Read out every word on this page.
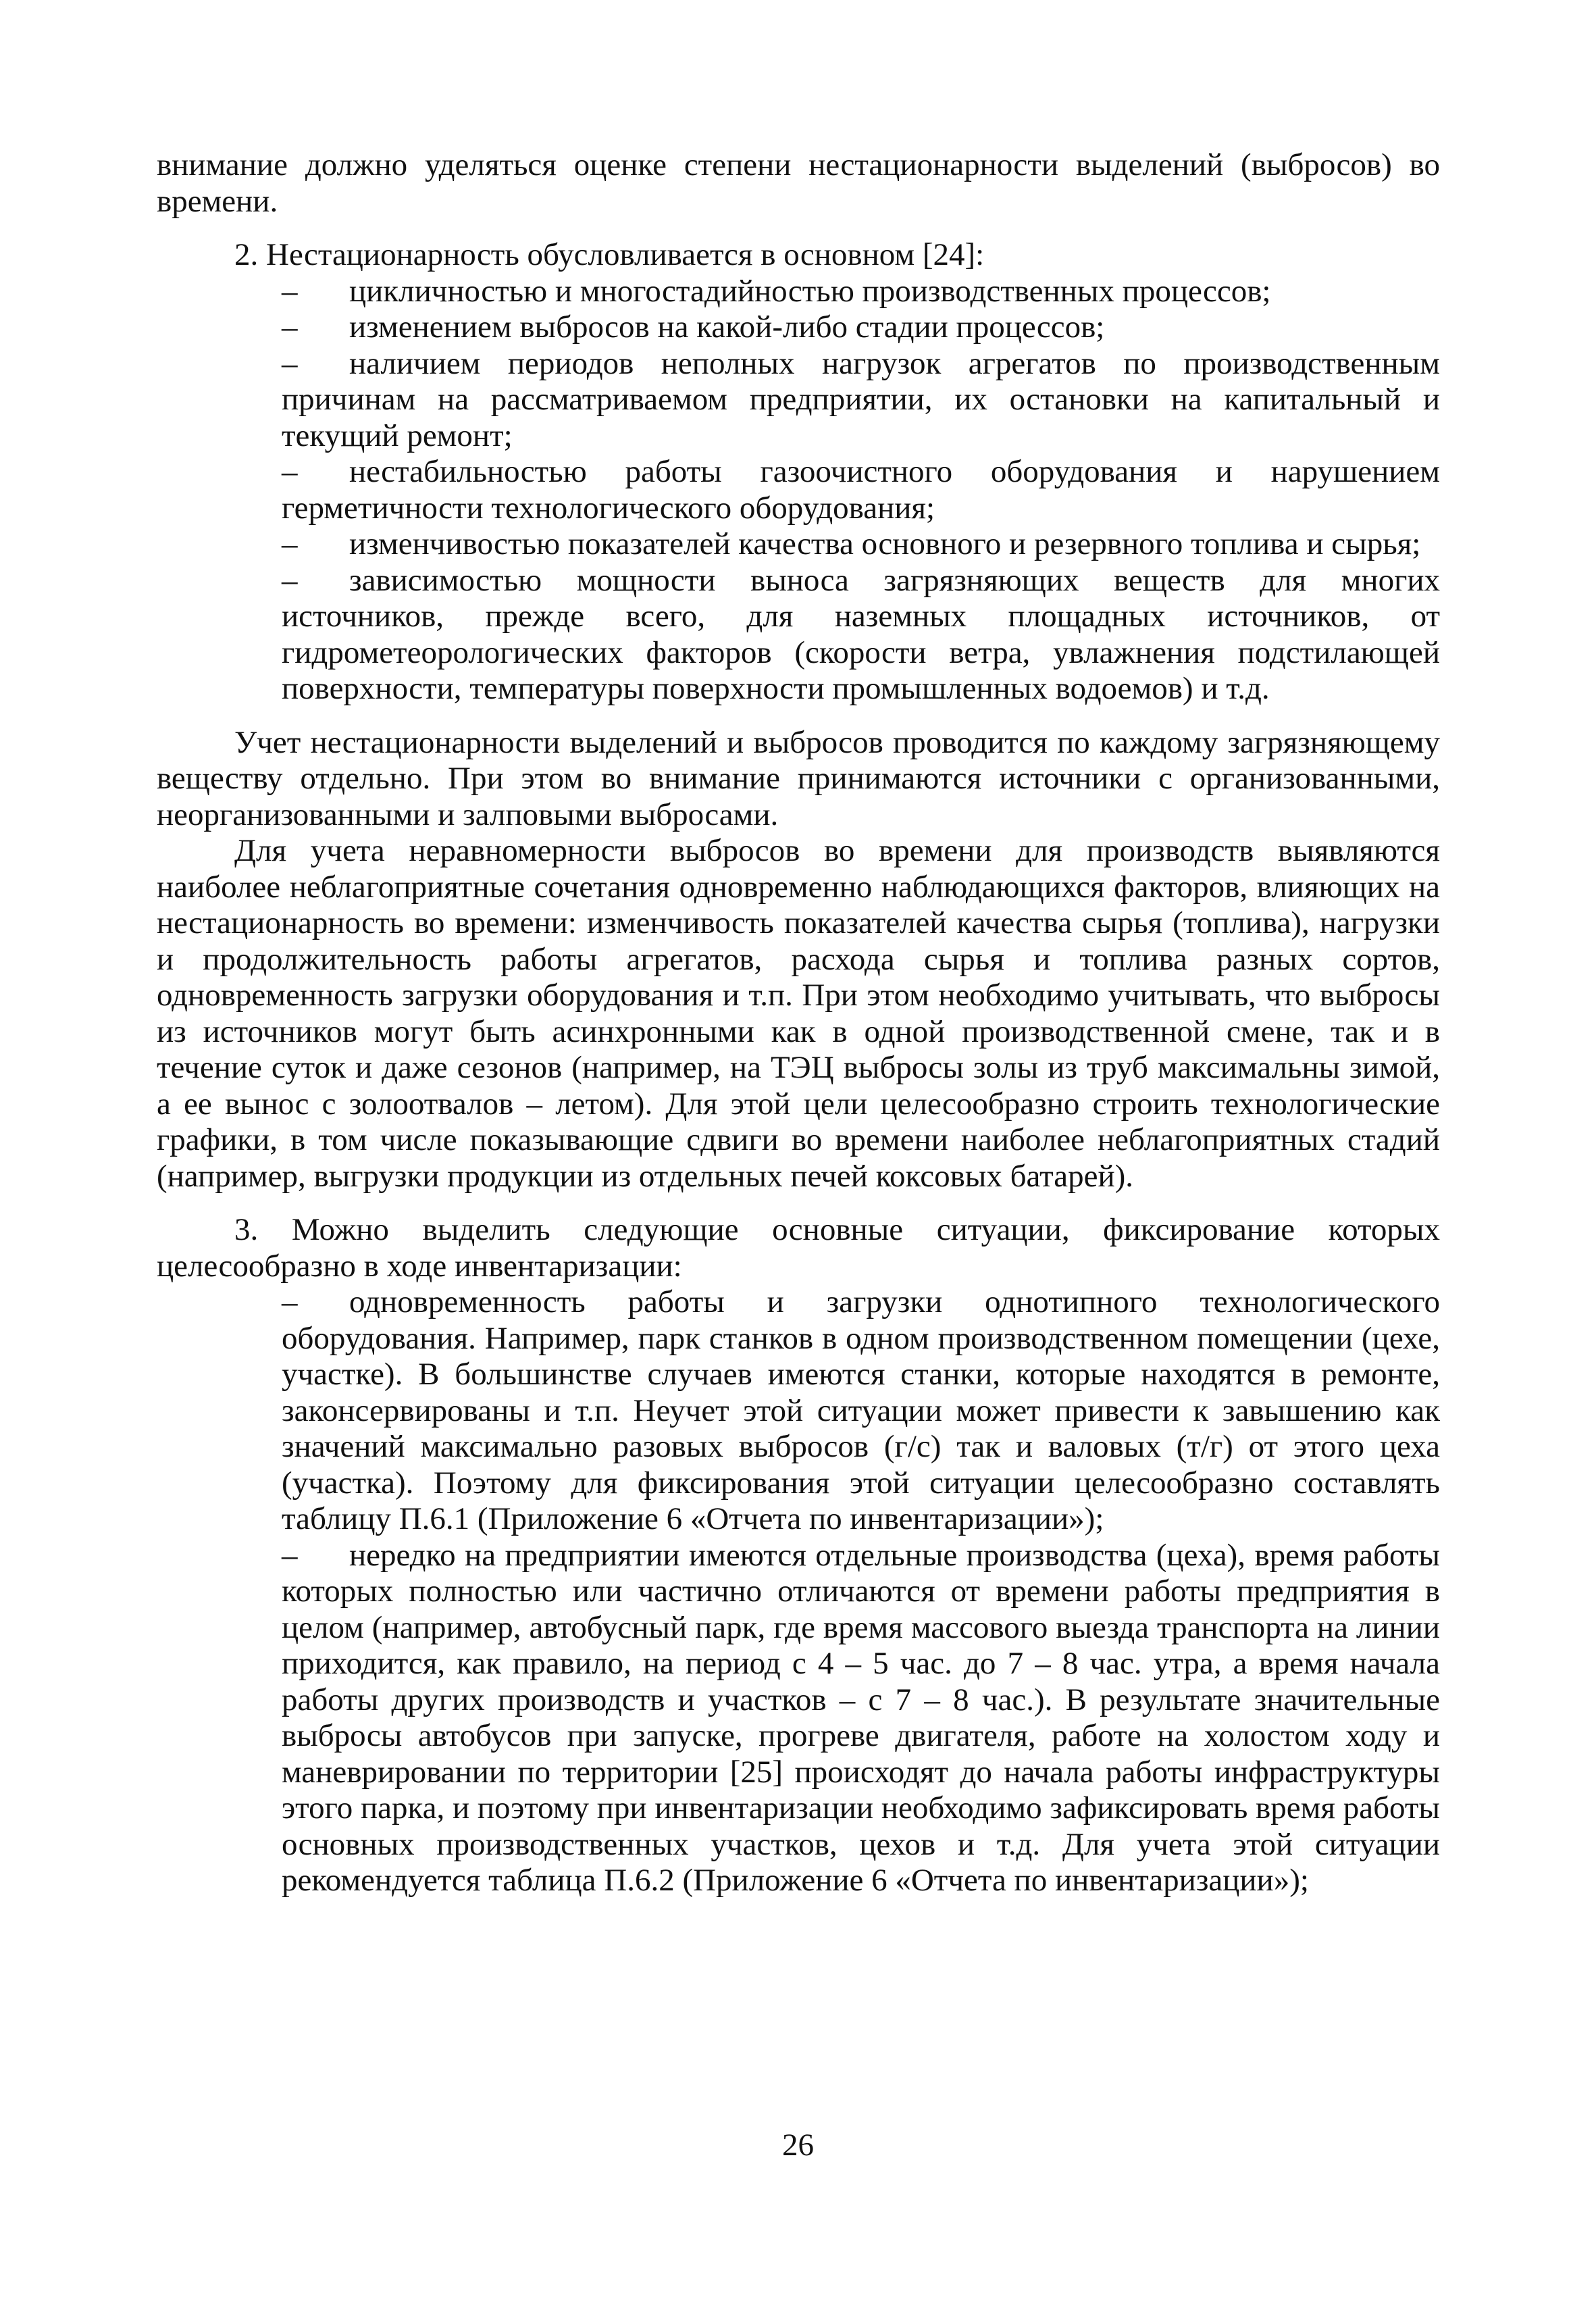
внимание должно уделяться оценке степени нестационарности выделений (выбросов) во времени.

2. Нестационарность обусловливается в основном [24]:

– цикличностью и многостадийностью производственных процессов;

– изменением выбросов на какой-либо стадии процессов;

– наличием периодов неполных нагрузок агрегатов по производственным причинам на рассматриваемом предприятии, их остановки на капитальный и текущий ремонт;

– нестабильностью работы газоочистного оборудования и нарушением герметичности технологического оборудования;

– изменчивостью показателей качества основного и резервного топлива и сырья;

– зависимостью мощности выноса загрязняющих веществ для многих источников, прежде всего, для наземных площадных источников, от гидрометеорологических факторов (скорости ветра, увлажнения подстилающей поверхности, температуры поверхности промышленных водоемов) и т.д.

Учет нестационарности выделений и выбросов проводится по каждому загрязняющему веществу отдельно. При этом во внимание принимаются источники с организованными, неорганизованными и залповыми выбросами.

Для учета неравномерности выбросов во времени для производств выявляются наиболее неблагоприятные сочетания одновременно наблюдающихся факторов, влияющих на нестационарность во времени: изменчивость показателей качества сырья (топлива), нагрузки и продолжительность работы агрегатов, расхода сырья и топлива разных сортов, одновременность загрузки оборудования и т.п. При этом необходимо учитывать, что выбросы из источников могут быть асинхронными как в одной производственной смене, так и в течение суток и даже сезонов (например, на ТЭЦ выбросы золы из труб максимальны зимой, а ее вынос с золоотвалов – летом). Для этой цели целесообразно строить технологические графики, в том числе показывающие сдвиги во времени наиболее неблагоприятных стадий (например, выгрузки продукции из отдельных печей коксовых батарей).

3. Можно выделить следующие основные ситуации, фиксирование которых целесообразно в ходе инвентаризации:

– одновременность работы и загрузки однотипного технологического оборудования. Например, парк станков в одном производственном помещении (цехе, участке). В большинстве случаев имеются станки, которые находятся в ремонте, законсервированы и т.п. Неучет этой ситуации может привести к завышению как значений максимально разовых выбросов (г/с) так и валовых (т/г) от этого цеха (участка). Поэтому для фиксирования этой ситуации целесообразно составлять таблицу П.6.1 (Приложение 6 «Отчета по инвентаризации»);

– нередко на предприятии имеются отдельные производства (цеха), время работы которых полностью или частично отличаются от времени работы предприятия в целом (например, автобусный парк, где время массового выезда транспорта на линии приходится, как правило, на период с 4 – 5 час. до 7 – 8 час. утра, а время начала работы других производств и участков – с 7 – 8 час.). В результате значительные выбросы автобусов при запуске, прогреве двигателя, работе на холостом ходу и маневрировании по территории [25] происходят до начала работы инфраструктуры этого парка, и поэтому при инвентаризации необходимо зафиксировать время работы основных производственных участков, цехов и т.д. Для учета этой ситуации рекомендуется таблица П.6.2 (Приложение 6 «Отчета по инвентаризации»);

26
